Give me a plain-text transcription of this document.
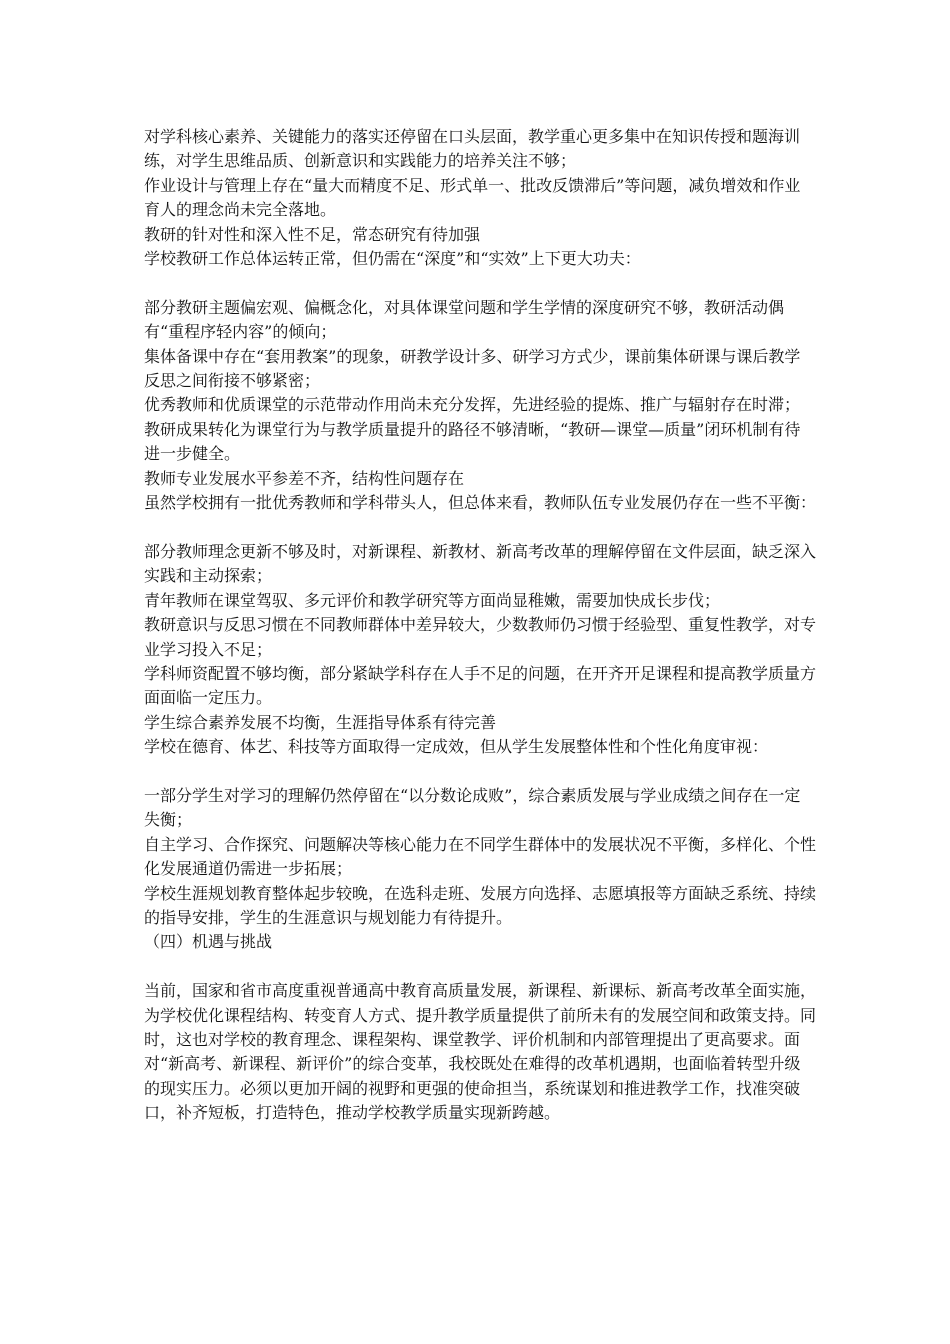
对学科核心素养、关键能力的落实还停留在口头层面，教学重心更多集中在知识传授和题海训练，对学生思维品质、创新意识和实践能力的培养关注不够；

作业设计与管理上存在“量大而精度不足、形式单一、批改反馈滞后”等问题，减负增效和作业育人的理念尚未完全落地。

教研的针对性和深入性不足，常态研究有待加强

学校教研工作总体运转正常，但仍需在“深度”和“实效”上下更大功夫：

部分教研主题偏宏观、偏概念化，对具体课堂问题和学生学情的深度研究不够，教研活动偶有“重程序轻内容”的倾向；

集体备课中存在“套用教案”的现象，研教学设计多、研学习方式少，课前集体研课与课后教学反思之间衔接不够紧密；

优秀教师和优质课堂的示范带动作用尚未充分发挥，先进经验的提炼、推广与辐射存在时滞；

教研成果转化为课堂行为与教学质量提升的路径不够清晰，“教研—课堂—质量”闭环机制有待进一步健全。

教师专业发展水平参差不齐，结构性问题存在

虽然学校拥有一批优秀教师和学科带头人，但总体来看，教师队伍专业发展仍存在一些不平衡：

部分教师理念更新不够及时，对新课程、新教材、新高考改革的理解停留在文件层面，缺乏深入实践和主动探索；

青年教师在课堂驾驭、多元评价和教学研究等方面尚显稚嫩，需要加快成长步伐；

教研意识与反思习惯在不同教师群体中差异较大，少数教师仍习惯于经验型、重复性教学，对专业学习投入不足；

学科师资配置不够均衡，部分紧缺学科存在人手不足的问题，在开齐开足课程和提高教学质量方面面临一定压力。

学生综合素养发展不均衡，生涯指导体系有待完善

学校在德育、体艺、科技等方面取得一定成效，但从学生发展整体性和个性化角度审视：

一部分学生对学习的理解仍然停留在“以分数论成败”，综合素质发展与学业成绩之间存在一定失衡；

自主学习、合作探究、问题解决等核心能力在不同学生群体中的发展状况不平衡，多样化、个性化发展通道仍需进一步拓展；

学校生涯规划教育整体起步较晚，在选科走班、发展方向选择、志愿填报等方面缺乏系统、持续的指导安排，学生的生涯意识与规划能力有待提升。

（四）机遇与挑战

当前，国家和省市高度重视普通高中教育高质量发展，新课程、新课标、新高考改革全面实施，为学校优化课程结构、转变育人方式、提升教学质量提供了前所未有的发展空间和政策支持。同时，这也对学校的教育理念、课程架构、课堂教学、评价机制和内部管理提出了更高要求。面对“新高考、新课程、新评价”的综合变革，我校既处在难得的改革机遇期，也面临着转型升级的现实压力。必须以更加开阔的视野和更强的使命担当，系统谋划和推进教学工作，找准突破口，补齐短板，打造特色，推动学校教学质量实现新跨越。
